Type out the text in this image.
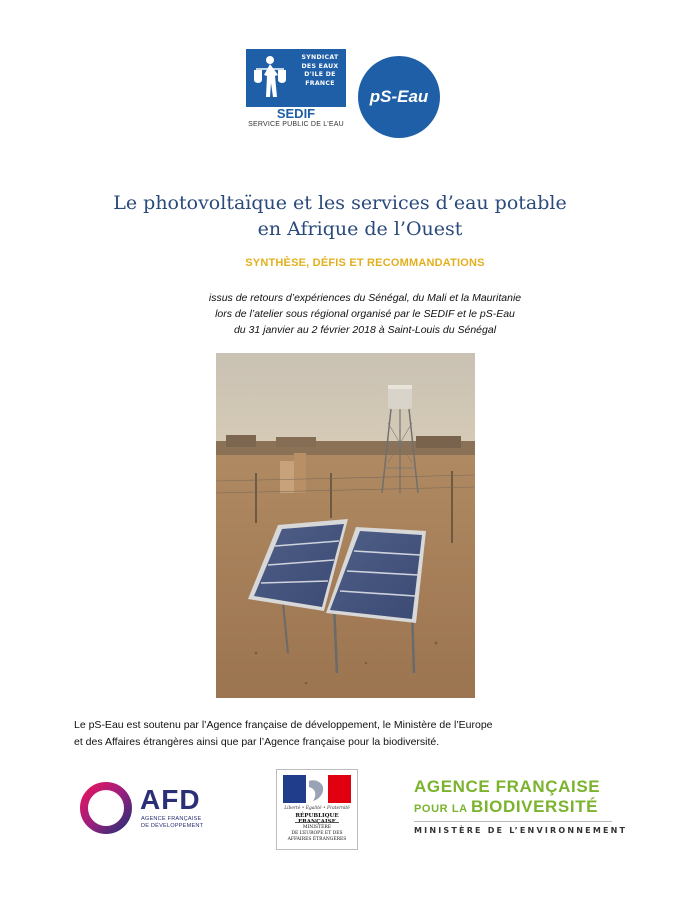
SYNDICAT
DES EAUX
D'ILE DE
FRANCE
SEDIF
SERVICE PUBLIC DE L'EAU
pS-Eau
Le photovoltaïque et les services d’eau potable
en Afrique de l’Ouest
SYNTHÈSE, DÉFIS ET RECOMMANDATIONS
issus de retours d’expériences du Sénégal, du Mali et la Mauritanie
lors de l’atelier sous régional organisé par le SEDIF et le pS-Eau
du 31 janvier au 2 février 2018 à Saint-Louis du Sénégal
Le pS-Eau est soutenu par l’Agence française de développement, le Ministère de l’Europe
et des Affaires étrangères ainsi que par l’Agence française pour la biodiversité.
AFD
AGENCE FRANÇAISE
DE DÉVELOPPEMENT
Liberté • Égalité • Fraternité
RÉPUBLIQUE FRANÇAISE
MINISTÈRE
DE L’EUROPE ET DES
AFFAIRES ÉTRANGÈRES
AGENCE FRANÇAISE
POUR LA BIODIVERSITÉ
MINISTÈRE DE L’ENVIRONNEMENT
